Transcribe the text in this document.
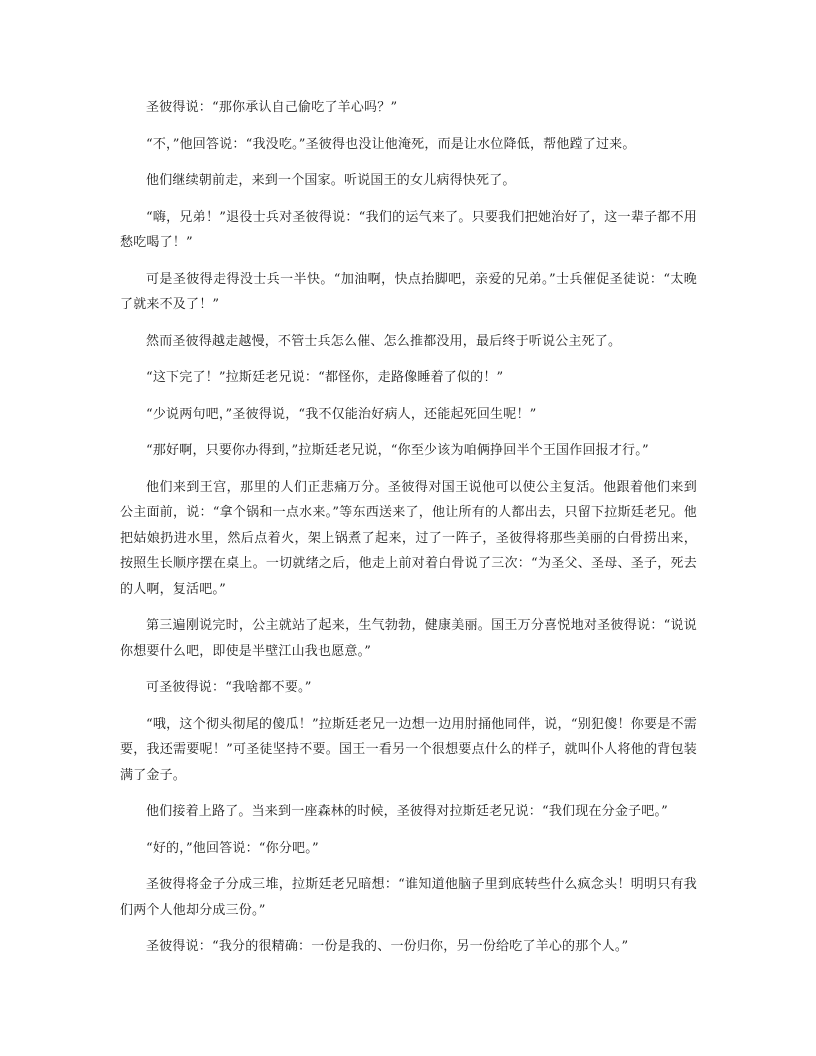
圣彼得说：“那你承认自己偷吃了羊心吗？”

“不，”他回答说：“我没吃。”圣彼得也没让他淹死，而是让水位降低，帮他蹚了过来。

他们继续朝前走，来到一个国家。听说国王的女儿病得快死了。

“嗨，兄弟！”退役士兵对圣彼得说：“我们的运气来了。只要我们把她治好了，这一辈子都不用愁吃喝了！”

可是圣彼得走得没士兵一半快。“加油啊，快点抬脚吧，亲爱的兄弟。”士兵催促圣徒说：“太晚了就来不及了！”

然而圣彼得越走越慢，不管士兵怎么催、怎么推都没用，最后终于听说公主死了。

“这下完了！”拉斯廷老兄说：“都怪你，走路像睡着了似的！”

“少说两句吧，”圣彼得说，“我不仅能治好病人，还能起死回生呢！”

“那好啊，只要你办得到，”拉斯廷老兄说，“你至少该为咱俩挣回半个王国作回报才行。”

他们来到王宫，那里的人们正悲痛万分。圣彼得对国王说他可以使公主复活。他跟着他们来到公主面前，说：“拿个锅和一点水来。”等东西送来了，他让所有的人都出去，只留下拉斯廷老兄。他把姑娘扔进水里，然后点着火，架上锅煮了起来，过了一阵子，圣彼得将那些美丽的白骨捞出来，按照生长顺序摆在桌上。一切就绪之后，他走上前对着白骨说了三次：“为圣父、圣母、圣子，死去的人啊，复活吧。”

第三遍刚说完时，公主就站了起来，生气勃勃，健康美丽。国王万分喜悦地对圣彼得说：“说说你想要什么吧，即使是半壁江山我也愿意。”

可圣彼得说：“我啥都不要。”

“哦，这个彻头彻尾的傻瓜！”拉斯廷老兄一边想一边用肘捅他同伴，说，“别犯傻！你要是不需要，我还需要呢！”可圣徒坚持不要。国王一看另一个很想要点什么的样子，就叫仆人将他的背包装满了金子。

他们接着上路了。当来到一座森林的时候，圣彼得对拉斯廷老兄说：“我们现在分金子吧。”

“好的，”他回答说：“你分吧。”

圣彼得将金子分成三堆，拉斯廷老兄暗想：“谁知道他脑子里到底转些什么疯念头！明明只有我们两个人他却分成三份。”

圣彼得说：“我分的很精确：一份是我的、一份归你，另一份给吃了羊心的那个人。”
